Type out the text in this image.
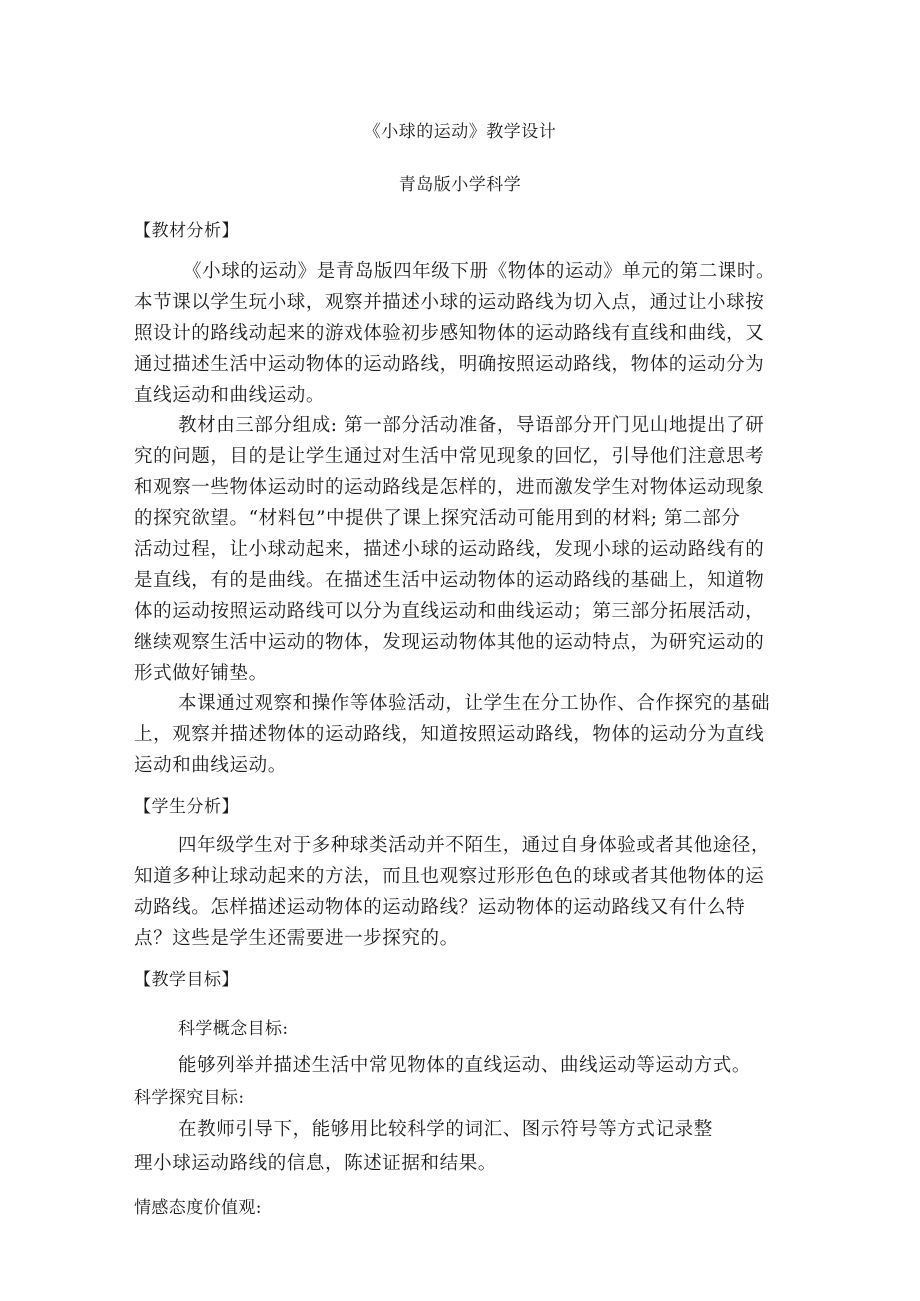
《小球的运动》教学设计
青岛版小学科学
【教材分析】
《小球的运动》是青岛版四年级下册《物体的运动》单元的第二课时。
本节课以学生玩小球，观察并描述小球的运动路线为切入点，通过让小球按
照设计的路线动起来的游戏体验初步感知物体的运动路线有直线和曲线，又
通过描述生活中运动物体的运动路线，明确按照运动路线，物体的运动分为
直线运动和曲线运动。
教材由三部分组成: 第一部分活动准备，导语部分开门见山地提出了研
究的问题，目的是让学生通过对生活中常见现象的回忆，引导他们注意思考
和观察一些物体运动时的运动路线是怎样的，进而激发学生对物体运动现象
的探究欲望。“材料包”中提供了课上探究活动可能用到的材料; 第二部分
活动过程，让小球动起来，描述小球的运动路线，发现小球的运动路线有的
是直线，有的是曲线。在描述生活中运动物体的运动路线的基础上，知道物
体的运动按照运动路线可以分为直线运动和曲线运动；第三部分拓展活动，
继续观察生活中运动的物体，发现运动物体其他的运动特点，为研究运动的
形式做好铺垫。
本课通过观察和操作等体验活动，让学生在分工协作、合作探究的基础
上，观察并描述物体的运动路线，知道按照运动路线，物体的运动分为直线
运动和曲线运动。
【学生分析】
四年级学生对于多种球类活动并不陌生，通过自身体验或者其他途径，
知道多种让球动起来的方法，而且也观察过形形色色的球或者其他物体的运
动路线。怎样描述运动物体的运动路线？运动物体的运动路线又有什么特
点？这些是学生还需要进一步探究的。
【教学目标】
科学概念目标:
能够列举并描述生活中常见物体的直线运动、曲线运动等运动方式。
科学探究目标:
在教师引导下，能够用比较科学的词汇、图示符号等方式记录整
理小球运动路线的信息，陈述证据和结果。
情感态度价值观:
